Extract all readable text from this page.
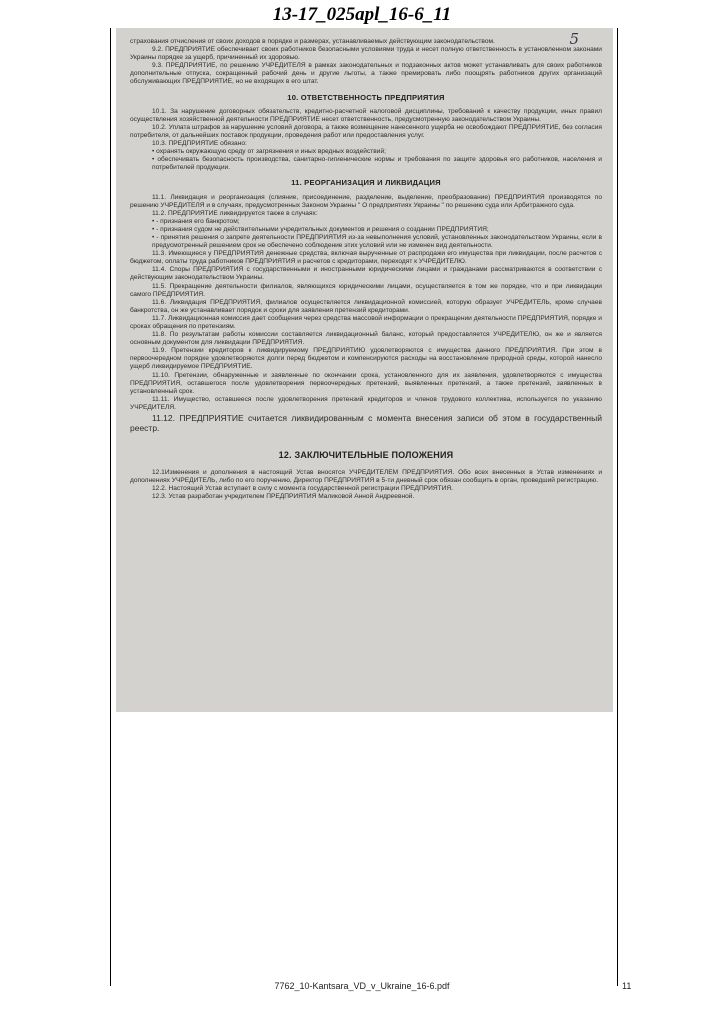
13-17_025apl_16-6_11
5

страхования отчисления от своих доходов в порядке и размерах, устанавливаемых действующим законодательством.

9.2. ПРЕДПРИЯТИЕ обеспечивает своих работников безопасными условиями труда и несет полную ответственность в установленном законами Украины порядке за ущерб, причиненный их здоровью.

9.3. ПРЕДПРИЯТИЕ, по решению УЧРЕДИТЕЛЯ в рамках законодательных и подзаконных актов может устанавливать для своих работников дополнительные отпуска, сокращенный рабочий день и другие льготы, а также премировать либо поощрять работников других организаций обслуживающих ПРЕДПРИЯТИЕ, но не входящих в его штат.

10. ОТВЕТСТВЕННОСТЬ ПРЕДПРИЯТИЯ

10.1. За нарушение договорных обязательств, кредитно-расчетной налоговой дисциплины, требований к качеству продукции, иных правил осуществления хозяйственной деятельности ПРЕДПРИЯТИЕ несет ответственность, предусмотренную законодательством Украины.

10.2. Уплата штрафов за нарушение условий договора, а также возмещение нанесенного ущерба не освобождают ПРЕДПРИЯТИЕ, без согласия потребителя, от дальнейших поставок продукции, проведения работ или предоставления услуг.

10.3. ПРЕДПРИЯТИЕ обязано:

• охранять окружающую среду от загрязнения и иных вредных воздействий;

• обеспечивать безопасность производства, санитарно-гигиенические нормы и требования по защите здоровья его работников, населения и потребителей продукции.

11. РЕОРГАНИЗАЦИЯ И ЛИКВИДАЦИЯ

11.1. Ликвидация и реорганизация (слияние, присоединение, разделение, выделение, преобразование) ПРЕДПРИЯТИЯ производятся по решению УЧРЕДИТЕЛЯ и в случаях, предусмотренных Законом Украины " О предприятиях Украины " по решению суда или Арбитражного суда.

11.2. ПРЕДПРИЯТИЕ ликвидируется также в случаях:

• - признания его банкротом;

• - признания судом не действительными учредительных документов и решения о создании ПРЕДПРИЯТИЯ;

• - принятия решения о запрете деятельности ПРЕДПРИЯТИЯ из-за невыполнения условий, установленных законодательством Украины, если в предусмотренный решением срок не обеспечено соблюдение этих условий или не изменен вид деятельности.

11.3. Имеющиеся у ПРЕДПРИЯТИЯ денежные средства, включая вырученные от распродажи его имущества при ликвидации, после расчетов с бюджетом, оплаты труда работников ПРЕДПРИЯТИЯ и расчетов с кредиторами, переходят к УЧРЕДИТЕЛЮ.

11.4. Споры ПРЕДПРИЯТИЯ с государственными и иностранными юридическими лицами и гражданами рассматриваются в соответствии с действующим законодательством Украины.

11.5. Прекращение деятельности филиалов, являющихся юридическими лицами, осуществляется в том же порядке, что и при ликвидации самого ПРЕДПРИЯТИЯ.

11.6. Ликвидация ПРЕДПРИЯТИЯ, филиалов осуществляется ликвидационной комиссией, которую образует УЧРЕДИТЕЛЬ, кроме случаев банкротства, он же устанавливает порядок и сроки для заявления претензий кредиторами.

11.7. Ликвидационная комиссия дает сообщения через средства массовой информации о прекращении деятельности ПРЕДПРИЯТИЯ, порядке и сроках обращения по претензиям.

11.8. По результатам работы комиссии составляется ликвидационный баланс, который предоставляется УЧРЕДИТЕЛЮ, он же и является основным документом для ликвидации ПРЕДПРИЯТИЯ.

11.9. Претензии кредиторов к ликвидируемому ПРЕДПРИЯТИЮ удовлетворяются с имущества данного ПРЕДПРИЯТИЯ. При этом в первоочередном порядке удовлетворяются долги перед бюджетом и компенсируются расходы на восстановление природной среды, которой нанесло ущерб ликвидируемое ПРЕДПРИЯТИЕ.

11.10. Претензии, обнаруженные и заявленные по окончании срока, установленного для их заявления, удовлетворяются с имущества ПРЕДПРИЯТИЯ, оставшегося после удовлетворения первоочередных претензий, выявленных претензий, а также претензий, заявленных в установленный срок.

11.11. Имущество, оставшееся после удовлетворения претензий кредиторов и членов трудового коллектива, используется по указанию УЧРЕДИТЕЛЯ.

11.12. ПРЕДПРИЯТИЕ считается ликвидированным с момента внесения записи об этом в государственный реестр.

12. ЗАКЛЮЧИТЕЛЬНЫЕ ПОЛОЖЕНИЯ

12.1Изменения и дополнения в настоящий Устав вносятся УЧРЕДИТЕЛЕМ ПРЕДПРИЯТИЯ. Обо всех внесенных в Устав изменениях и дополнениях УЧРЕДИТЕЛЬ, либо по его поручению, Директор ПРЕДПРИЯТИЯ в 5-ти дневный срок обязан сообщить в орган, проведший регистрацию.

12.2. Настоящий Устав вступает в силу с момента государственной регистрации ПРЕДПРИЯТИЯ.

12.3. Устав разработан учредителем ПРЕДПРИЯТИЯ Маликовой Анной Андреевной.

7762_10-Kantsara_VD_v_Ukraine_16-6.pdf	11
